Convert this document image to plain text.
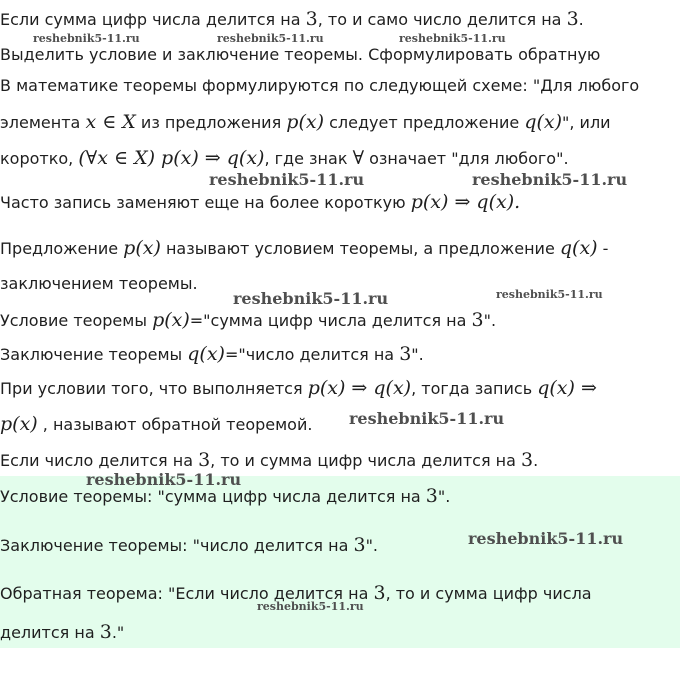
Если сумма цифр числа делится на 3, то и само число делится на 3.
Выделить условие и заключение теоремы. Сформулировать обратную
В математике теоремы формулируются по следующей схеме: "Для любого
элемента x ∈ X из предложения p(x) следует предложение q(x)", или
коротко, (∀x ∈ X) p(x) ⇒ q(x), где знак ∀ означает "для любого".
Часто запись заменяют еще на более короткую p(x) ⇒ q(x).
Предложение p(x) называют условием теоремы, а предложение q(x) -
заключением теоремы.
Условие теоремы p(x)="сумма цифр числа делится на 3".
Заключение теоремы q(x)="число делится на 3".
При условии того, что выполняется p(x) ⇒ q(x), тогда запись q(x) ⇒
p(x) , называют обратной теоремой.
Если число делится на 3, то и сумма цифр числа делится на 3.
Условие теоремы: "сумма цифр числа делится на 3".
Заключение теоремы: "число делится на 3".
Обратная теорема: "Если число делится на 3, то и сумма цифр числа
делится на 3."
reshebnik5-11.ru	reshebnik5-11.ru	reshebnik5-11.ru
reshebnik5-11.ru	reshebnik5-11.ru
reshebnik5-11.ru	reshebnik5-11.ru
reshebnik5-11.ru
reshebnik5-11.ru
reshebnik5-11.ru
reshebnik5-11.ru
